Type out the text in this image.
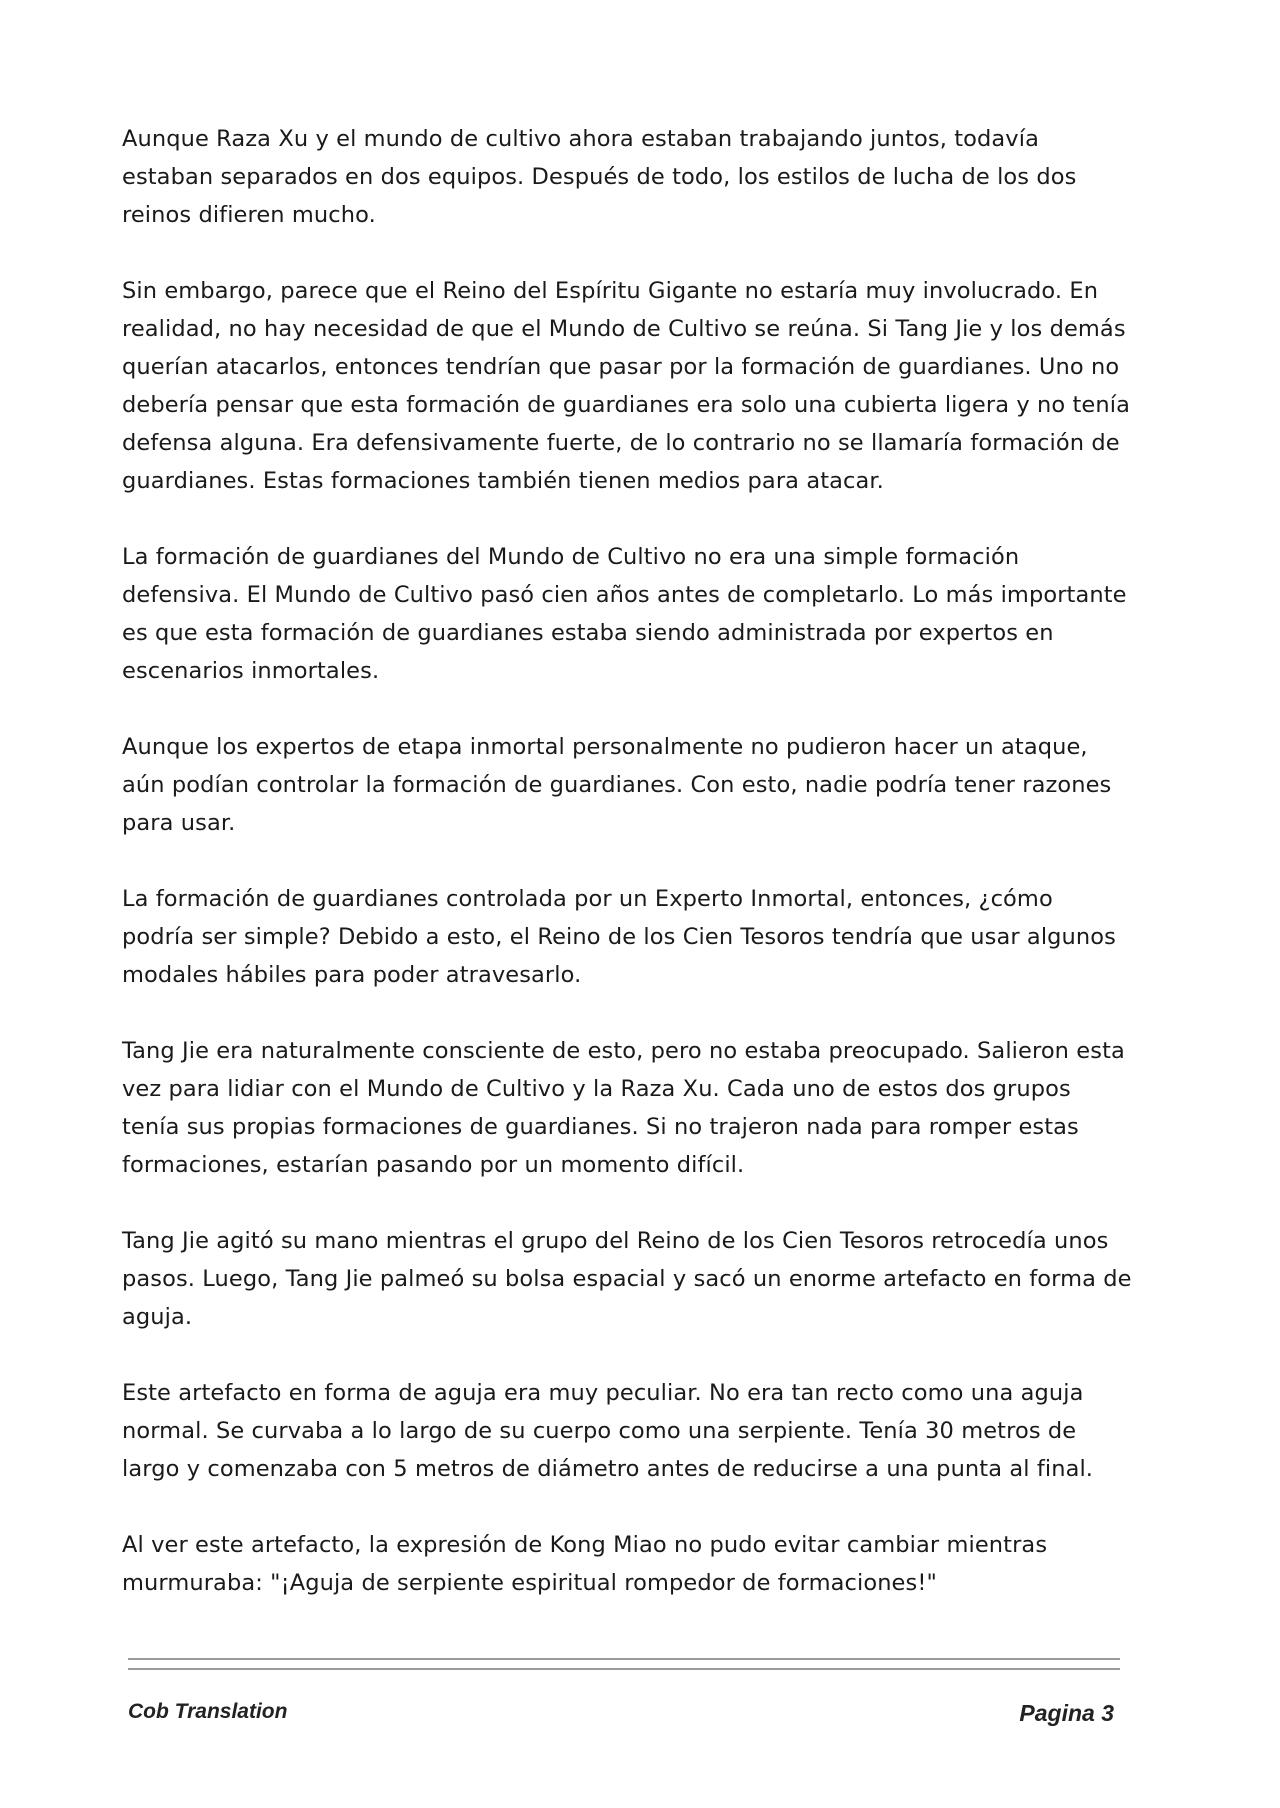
Aunque Raza Xu y el mundo de cultivo ahora estaban trabajando juntos, todavía estaban separados en dos equipos. Después de todo, los estilos de lucha de los dos reinos difieren mucho.

Sin embargo, parece que el Reino del Espíritu Gigante no estaría muy involucrado. En realidad, no hay necesidad de que el Mundo de Cultivo se reúna. Si Tang Jie y los demás querían atacarlos, entonces tendrían que pasar por la formación de guardianes. Uno no debería pensar que esta formación de guardianes era solo una cubierta ligera y no tenía defensa alguna. Era defensivamente fuerte, de lo contrario no se llamaría formación de guardianes. Estas formaciones también tienen medios para atacar.

La formación de guardianes del Mundo de Cultivo no era una simple formación defensiva. El Mundo de Cultivo pasó cien años antes de completarlo. Lo más importante es que esta formación de guardianes estaba siendo administrada por expertos en escenarios inmortales.

Aunque los expertos de etapa inmortal personalmente no pudieron hacer un ataque, aún podían controlar la formación de guardianes. Con esto, nadie podría tener razones para usar.

La formación de guardianes controlada por un Experto Inmortal, entonces, ¿cómo podría ser simple? Debido a esto, el Reino de los Cien Tesoros tendría que usar algunos modales hábiles para poder atravesarlo.

Tang Jie era naturalmente consciente de esto, pero no estaba preocupado. Salieron esta vez para lidiar con el Mundo de Cultivo y la Raza Xu. Cada uno de estos dos grupos tenía sus propias formaciones de guardianes. Si no trajeron nada para romper estas formaciones, estarían pasando por un momento difícil.

Tang Jie agitó su mano mientras el grupo del Reino de los Cien Tesoros retrocedía unos pasos. Luego, Tang Jie palmeó su bolsa espacial y sacó un enorme artefacto en forma de aguja.

Este artefacto en forma de aguja era muy peculiar. No era tan recto como una aguja normal. Se curvaba a lo largo de su cuerpo como una serpiente. Tenía 30 metros de largo y comenzaba con 5 metros de diámetro antes de reducirse a una punta al final.

Al ver este artefacto, la expresión de Kong Miao no pudo evitar cambiar mientras murmuraba: "¡Aguja de serpiente espiritual rompedor de formaciones!"

Cob Translation	Pagina 3
